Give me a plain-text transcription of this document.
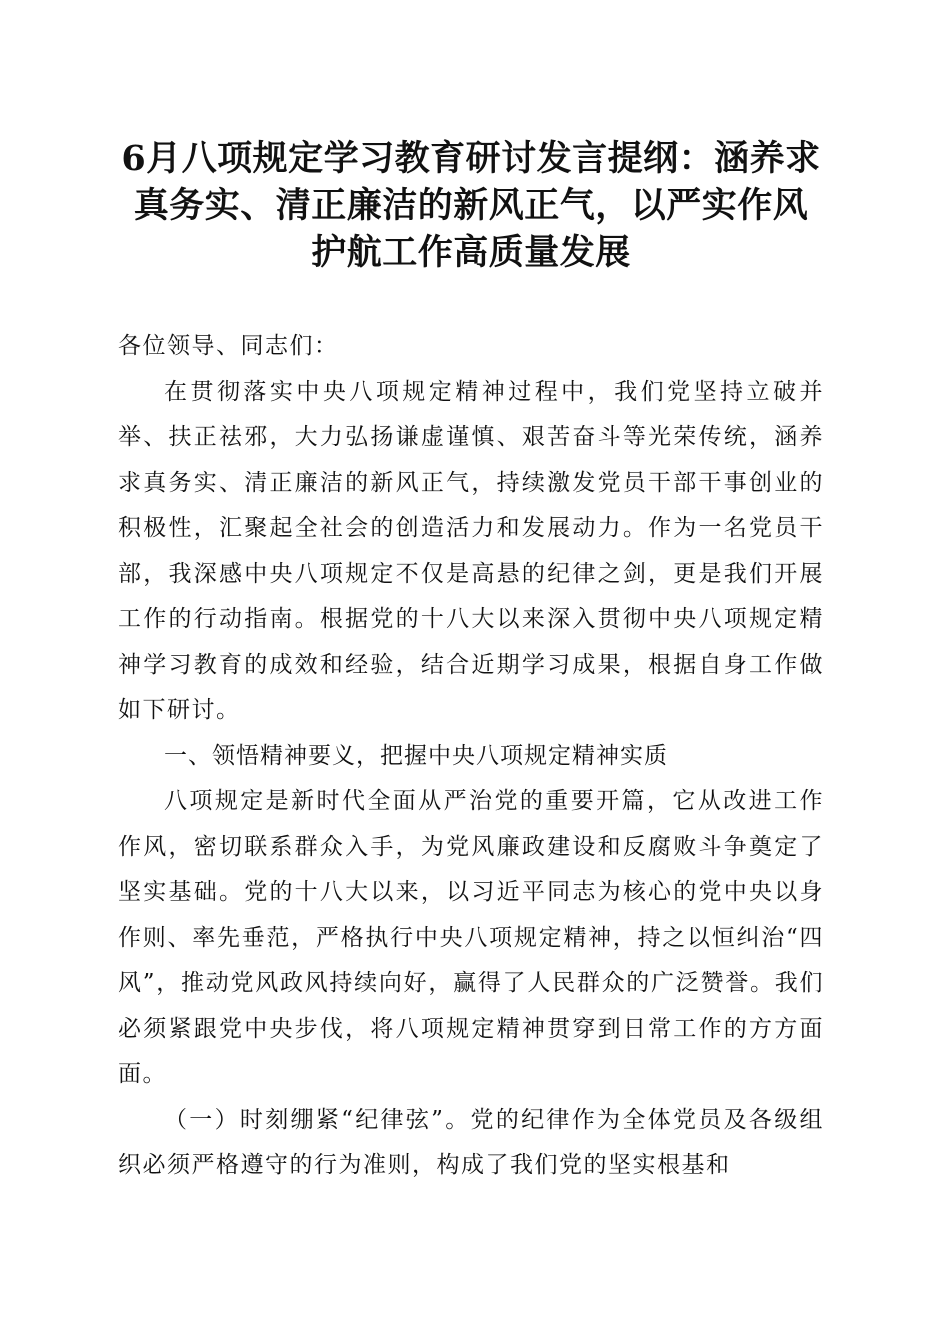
6月八项规定学习教育研讨发言提纲：涵养求真务实、清正廉洁的新风正气，以严实作风护航工作高质量发展

各位领导、同志们：

在贯彻落实中央八项规定精神过程中，我们党坚持立破并举、扶正祛邪，大力弘扬谦虚谨慎、艰苦奋斗等光荣传统，涵养求真务实、清正廉洁的新风正气，持续激发党员干部干事创业的积极性，汇聚起全社会的创造活力和发展动力。作为一名党员干部，我深感中央八项规定不仅是高悬的纪律之剑，更是我们开展工作的行动指南。根据党的十八大以来深入贯彻中央八项规定精神学习教育的成效和经验，结合近期学习成果，根据自身工作做如下研讨。

一、领悟精神要义，把握中央八项规定精神实质

八项规定是新时代全面从严治党的重要开篇，它从改进工作作风，密切联系群众入手，为党风廉政建设和反腐败斗争奠定了坚实基础。党的十八大以来，以习近平同志为核心的党中央以身作则、率先垂范，严格执行中央八项规定精神，持之以恒纠治“四风”，推动党风政风持续向好，赢得了人民群众的广泛赞誉。我们必须紧跟党中央步伐，将八项规定精神贯穿到日常工作的方方面面。

（一）时刻绷紧“纪律弦”。党的纪律作为全体党员及各级组织必须严格遵守的行为准则，构成了我们党的坚实根基和
